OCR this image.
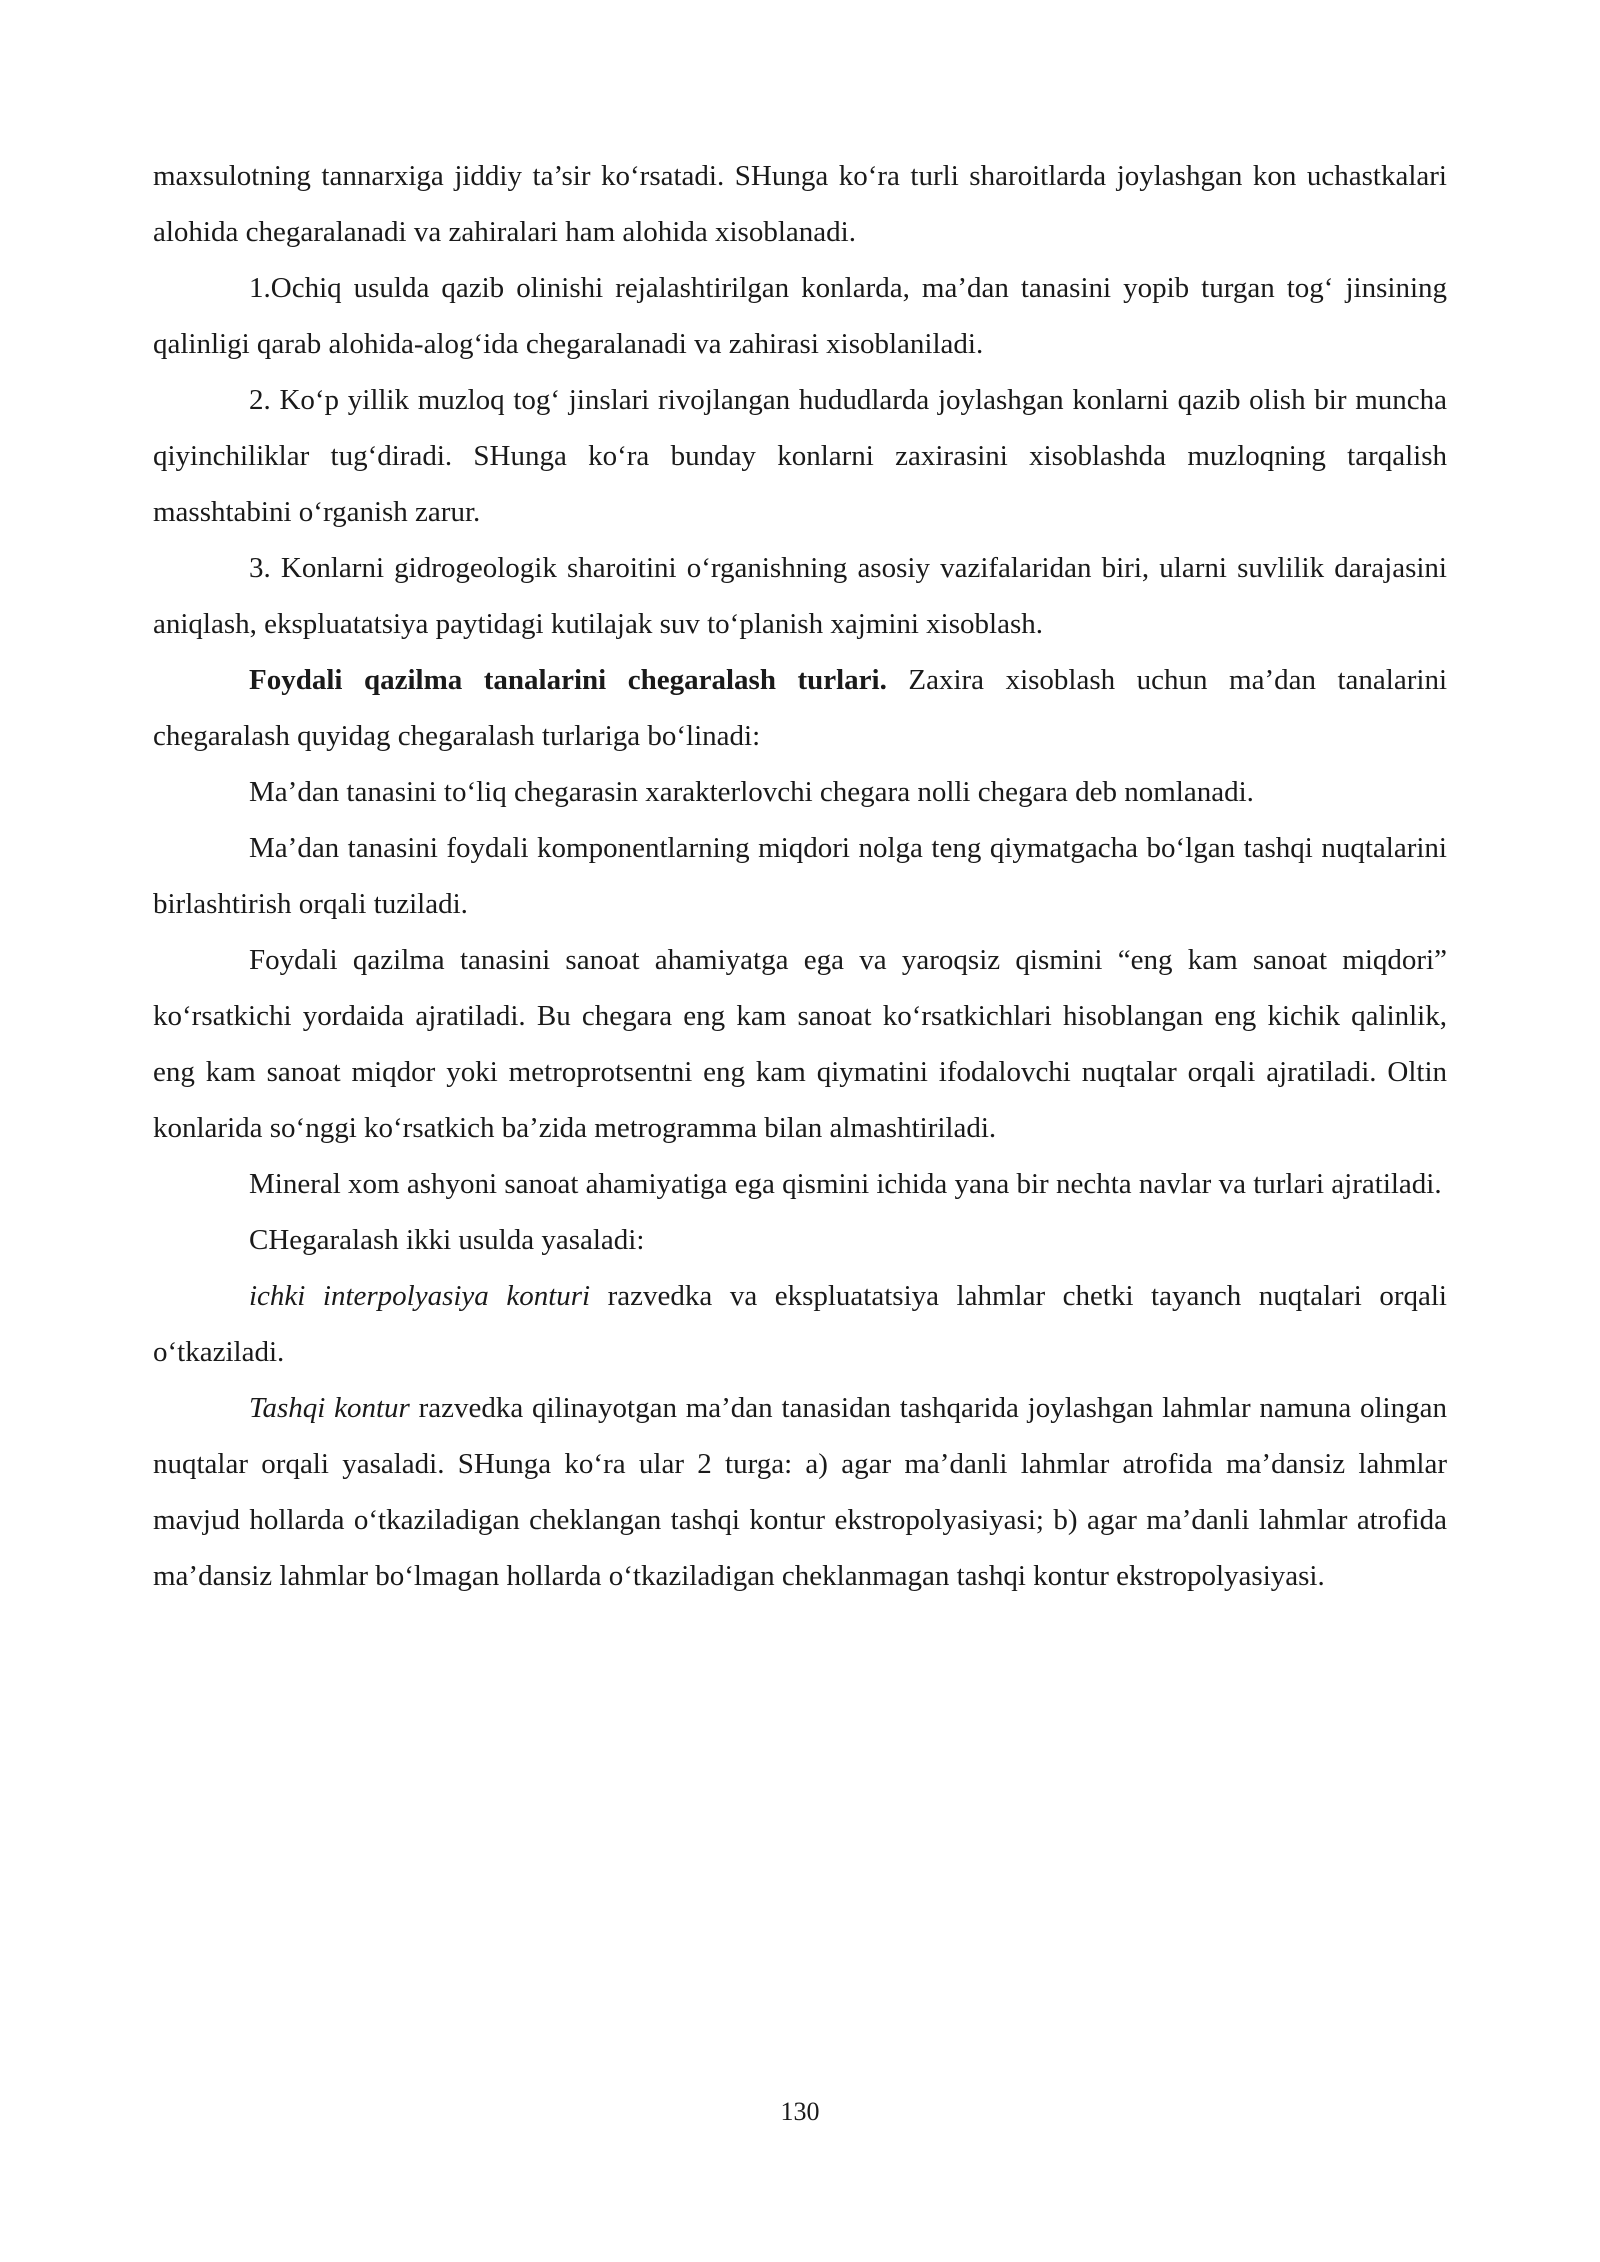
maxsulotning tannarxiga jiddiy ta’sir ko‘rsatadi. SHunga ko‘ra turli sharoitlarda joylashgan kon uchastkalari alohida chegaralanadi va zahiralari ham alohida xisoblanadi.

1.Ochiq usulda qazib olinishi rejalashtirilgan konlarda, ma’dan tanasini yopib turgan tog‘ jinsining qalinligi qarab alohida-alog‘ida chegaralanadi va zahirasi xisoblaniladi.

2. Ko‘p yillik muzloq tog‘ jinslari rivojlangan hududlarda joylashgan konlarni qazib olish bir muncha qiyinchiliklar tug‘diradi. SHunga ko‘ra bunday konlarni zaxirasini xisoblashda muzloqning tarqalish masshtabini o‘rganish zarur.

3. Konlarni gidrogeologik sharoitini o‘rganishning asosiy vazifalaridan biri, ularni suvlilik darajasini aniqlash, ekspluatatsiya paytidagi kutilajak suv to‘planish xajmini xisoblash.

Foydali qazilma tanalarini chegaralash turlari. Zaxira xisoblash uchun ma’dan tanalarini chegaralash quyidag chegaralash turlariga bo‘linadi:

Ma’dan tanasini to‘liq chegarasin xarakterlovchi chegara nolli chegara deb nomlanadi.

Ma’dan tanasini foydali komponentlarning miqdori nolga teng qiymatgacha bo‘lgan tashqi nuqtalarini birlashtirish orqali tuziladi.

Foydali qazilma tanasini sanoat ahamiyatga ega va yaroqsiz qismini “eng kam sanoat miqdori” ko‘rsatkichi yordaida ajratiladi. Bu chegara eng kam sanoat ko‘rsatkichlari hisoblangan eng kichik qalinlik, eng kam sanoat miqdor yoki metroprotsentni eng kam qiymatini ifodalovchi nuqtalar orqali ajratiladi. Oltin konlarida so‘nggi ko‘rsatkich ba’zida metrogramma bilan almashtiriladi.

Mineral xom ashyoni sanoat ahamiyatiga ega qismini ichida yana bir nechta navlar va turlari ajratiladi.

CHegaralash ikki usulda yasaladi:

ichki interpolyasiya konturi razvedka va ekspluatatsiya lahmlar chetki tayanch nuqtalari orqali o‘tkaziladi.

Tashqi kontur razvedka qilinayotgan ma’dan tanasidan tashqarida joylashgan lahmlar namuna olingan nuqtalar orqali yasaladi. SHunga ko‘ra ular 2 turga: a) agar ma’danli lahmlar atrofida ma’dansiz lahmlar mavjud hollarda o‘tkaziladigan cheklangan tashqi kontur ekstropolyasiyasi; b) agar ma’danli lahmlar atrofida ma’dansiz lahmlar bo‘lmagan hollarda o‘tkaziladigan cheklanmagan tashqi kontur ekstropolyasiyasi.

130
